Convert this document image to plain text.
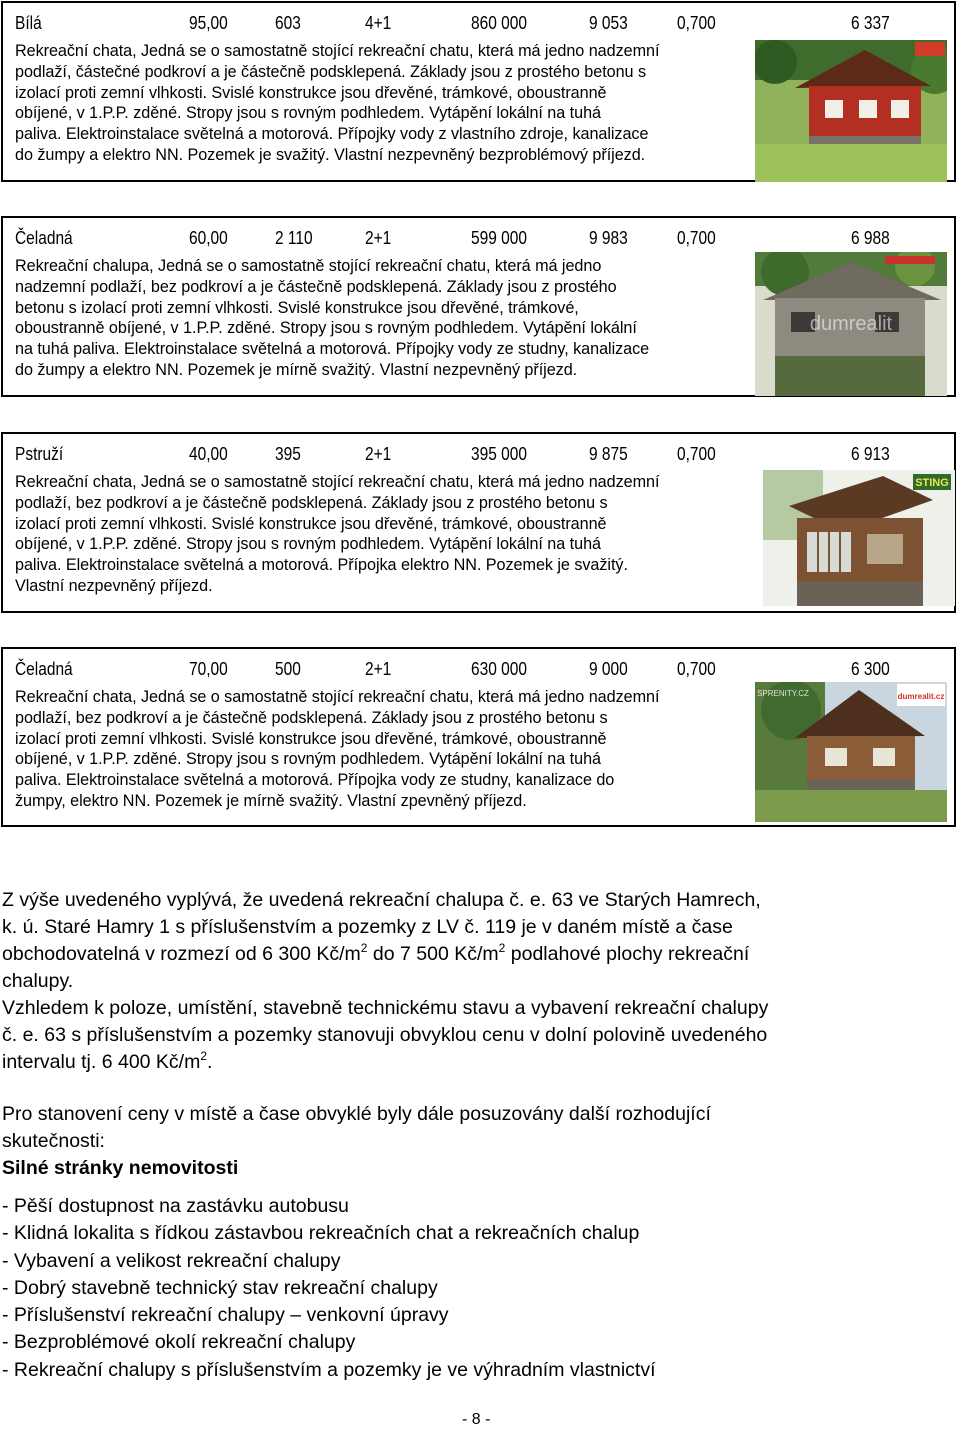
Bílá	95,00	603	4+1	860 000	9 053	0,700	6 337
Rekreační chata, Jedná se o samostatně stojící rekreační chatu, která má jedno nadzemní
podlaží, částečné podkroví a je částečně podsklepená. Základy jsou z prostého betonu s
izolací proti zemní vlhkosti. Svislé konstrukce jsou dřevěné, trámkové, oboustranně
obíjené, v 1.P.P. zděné. Stropy jsou s rovným podhledem. Vytápění lokální na tuhá
paliva. Elektroinstalace světelná a motorová. Přípojky vody z vlastního zdroje, kanalizace
do žumpy a elektro NN. Pozemek je svažitý. Vlastní nezpevněný bezproblémový příjezd.
Čeladná	60,00	2 110	2+1	599 000	9 983	0,700	6 988
Rekreační chalupa, Jedná se o samostatně stojící rekreační chatu, která má jedno
nadzemní podlaží, bez podkroví a je částečně podsklepená. Základy jsou z prostého
betonu s izolací proti zemní vlhkosti. Svislé konstrukce jsou dřevěné, trámkové,
oboustranně obíjené, v 1.P.P. zděné. Stropy jsou s rovným podhledem. Vytápění lokální
na tuhá paliva. Elektroinstalace světelná a motorová. Přípojky vody ze studny, kanalizace
do žumpy a elektro NN. Pozemek je mírně svažitý. Vlastní nezpevněný příjezd.
dumrealit
Pstruží	40,00	395	2+1	395 000	9 875	0,700	6 913
Rekreační chata, Jedná se o samostatně stojící rekreační chatu, která má jedno nadzemní
podlaží, bez podkroví a je částečně podsklepená. Základy jsou z prostého betonu s
izolací proti zemní vlhkosti. Svislé konstrukce jsou dřevěné, trámkové, oboustranně
obíjené, v 1.P.P. zděné. Stropy jsou s rovným podhledem. Vytápění lokální na tuhá
paliva. Elektroinstalace světelná a motorová. Přípojka elektro NN. Pozemek je svažitý.
Vlastní nezpevněný příjezd.
STING
Čeladná	70,00	500	2+1	630 000	9 000	0,700	6 300
Rekreační chata, Jedná se o samostatně stojící rekreační chatu, která má jedno nadzemní
podlaží, bez podkroví a je částečně podsklepená. Základy jsou z prostého betonu s
izolací proti zemní vlhkosti. Svislé konstrukce jsou dřevěné, trámkové, oboustranně
obíjené, v 1.P.P. zděné. Stropy jsou s rovným podhledem. Vytápění lokální na tuhá
paliva. Elektroinstalace světelná a motorová. Přípojka vody ze studny, kanalizace do
žumpy, elektro NN. Pozemek je mírně svažitý. Vlastní zpevněný příjezd.
dumrealit.cz
SPRENITY.CZ
Z výše uvedeného vyplývá, že uvedená rekreační chalupa č. e. 63 ve Starých Hamrech,
k. ú. Staré Hamry 1 s příslušenstvím a pozemky z LV č. 119 je v daném místě a čase
obchodovatelná v rozmezí od 6 300 $Kč/m^2$ do 7 500 $Kč/m^2$ podlahové plochy rekreační
chalupy.
Vzhledem k poloze, umístění, stavebně technickému stavu a vybavení rekreační chalupy
č. e. 63 s příslušenstvím a pozemky stanovuji obvyklou cenu v dolní polovině uvedeného
intervalu tj. 6 400 $Kč/m^2$.
Pro stanovení ceny v místě a čase obvyklé byly dále posuzovány další rozhodující
skutečnosti:
Silné stránky nemovitosti
- Pěší dostupnost na zastávku autobusu
- Klidná lokalita s řídkou zástavbou rekreačních chat a rekreačních chalup
- Vybavení a velikost rekreační chalupy
- Dobrý stavebně technický stav rekreační chalupy
- Příslušenství rekreační chalupy – venkovní úpravy
- Bezproblémové okolí rekreační chalupy
- Rekreační chalupy s příslušenstvím a pozemky je ve výhradním vlastnictví
- 8 -
